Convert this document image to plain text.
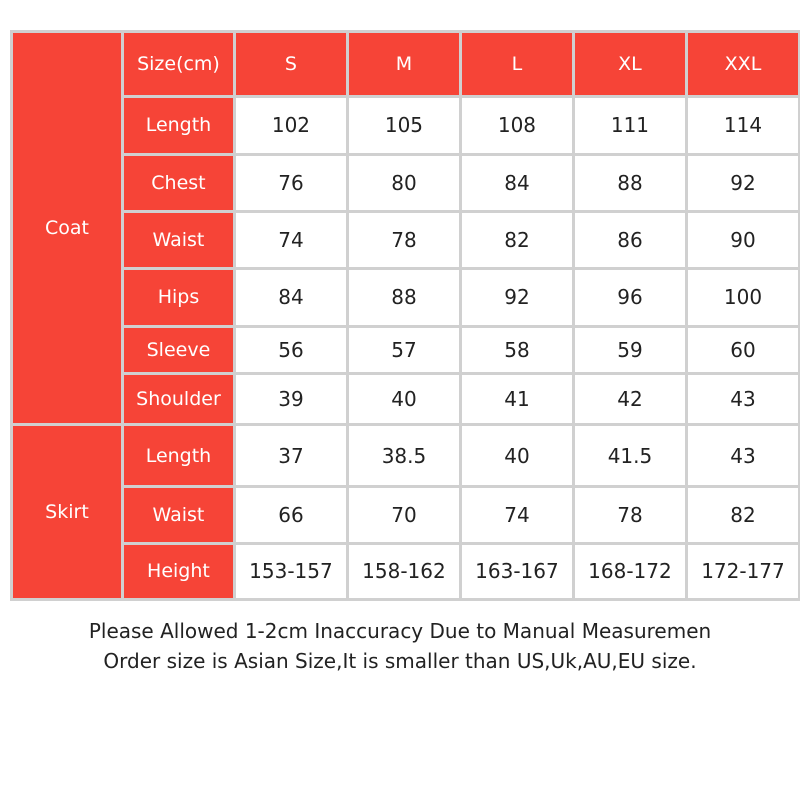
Coat	Size(cm)	S	M	L	XL	XXL
	Length	102	105	108	111	114
	Chest	76	80	84	88	92
	Waist	74	78	82	86	90
	Hips	84	88	92	96	100
	Sleeve	56	57	58	59	60
	Shoulder	39	40	41	42	43
Skirt	Length	37	38.5	40	41.5	43
	Waist	66	70	74	78	82
	Height	153-157	158-162	163-167	168-172	172-177
Please Allowed 1-2cm Inaccuracy Due to Manual Measuremen
Order size is Asian Size,It is smaller than US,Uk,AU,EU size.
